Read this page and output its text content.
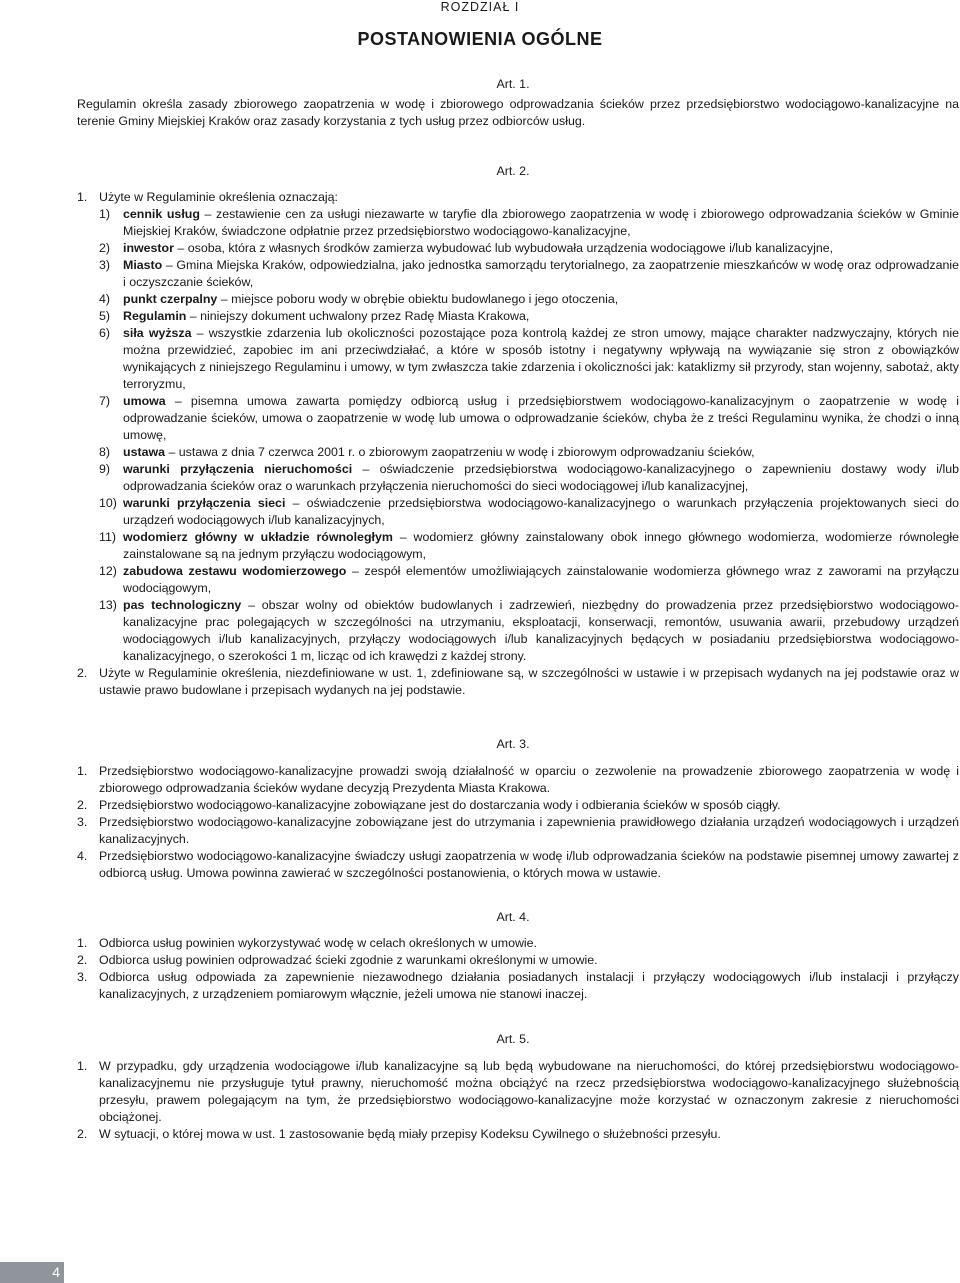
ROZDZIAŁ I
POSTANOWIENIA OGÓLNE
Art. 1.
Regulamin określa zasady zbiorowego zaopatrzenia w wodę i zbiorowego odprowadzania ścieków przez przedsiębiorstwo wodociągowo-kanalizacyjne na terenie Gminy Miejskiej Kraków oraz zasady korzystania z tych usług przez odbiorców usług.
Art. 2.
1. Użyte w Regulaminie określenia oznaczają:
1) cennik usług – zestawienie cen za usługi niezawarte w taryfie dla zbiorowego zaopatrzenia w wodę i zbiorowego odprowadzania ścieków w Gminie Miejskiej Kraków, świadczone odpłatnie przez przedsiębiorstwo wodociągowo-kanalizacyjne,
2) inwestor – osoba, która z własnych środków zamierza wybudować lub wybudowała urządzenia wodociągowe i/lub kanalizacyjne,
3) Miasto – Gmina Miejska Kraków, odpowiedzialna, jako jednostka samorządu terytorialnego, za zaopatrzenie mieszkańców w wodę oraz odprowadzanie i oczyszczanie ścieków,
4) punkt czerpalny – miejsce poboru wody w obrębie obiektu budowlanego i jego otoczenia,
5) Regulamin – niniejszy dokument uchwalony przez Radę Miasta Krakowa,
6) siła wyższa – wszystkie zdarzenia lub okoliczności pozostające poza kontrolą każdej ze stron umowy, mające charakter nadzwyczajny, których nie można przewidzieć, zapobiec im ani przeciwdziałać, a które w sposób istotny i negatywny wpływają na wywiązanie się stron z obowiązków wynikających z niniejszego Regulaminu i umowy, w tym zwłaszcza takie zdarzenia i okoliczności jak: kataklizmy sił przyrody, stan wojenny, sabotaż, akty terroryzmu,
7) umowa – pisemna umowa zawarta pomiędzy odbiorcą usług i przedsiębiorstwem wodociągowo-kanalizacyjnym o zaopatrzenie w wodę i odprowadzanie ścieków, umowa o zaopatrzenie w wodę lub umowa o odprowadzanie ścieków, chyba że z treści Regulaminu wynika, że chodzi o inną umowę,
8) ustawa – ustawa z dnia 7 czerwca 2001 r. o zbiorowym zaopatrzeniu w wodę i zbiorowym odprowadzaniu ścieków,
9) warunki przyłączenia nieruchomości – oświadczenie przedsiębiorstwa wodociągowo-kanalizacyjnego o zapewnieniu dostawy wody i/lub odprowadzania ścieków oraz o warunkach przyłączenia nieruchomości do sieci wodociągowej i/lub kanalizacyjnej,
10) warunki przyłączenia sieci – oświadczenie przedsiębiorstwa wodociągowo-kanalizacyjnego o warunkach przyłączenia projektowanych sieci do urządzeń wodociągowych i/lub kanalizacyjnych,
11) wodomierz główny w układzie równoległym – wodomierz główny zainstalowany obok innego głównego wodomierza, wodomierze równoległe zainstalowane są na jednym przyłączu wodociągowym,
12) zabudowa zestawu wodomierzowego – zespół elementów umożliwiających zainstalowanie wodomierza głównego wraz z zaworami na przyłączu wodociągowym,
13) pas technologiczny – obszar wolny od obiektów budowlanych i zadrzewień, niezbędny do prowadzenia przez przedsiębiorstwo wodociągowo-kanalizacyjne prac polegających w szczególności na utrzymaniu, eksploatacji, konserwacji, remontów, usuwania awarii, przebudowy urządzeń wodociągowych i/lub kanalizacyjnych, przyłączy wodociągowych i/lub kanalizacyjnych będących w posiadaniu przedsiębiorstwa wodociągowo-kanalizacyjnego, o szerokości 1 m, licząc od ich krawędzi z każdej strony.
2. Użyte w Regulaminie określenia, niezdefiniowane w ust. 1, zdefiniowane są, w szczególności w ustawie i w przepisach wydanych na jej podstawie oraz w ustawie prawo budowlane i przepisach wydanych na jej podstawie.
Art. 3.
1. Przedsiębiorstwo wodociągowo-kanalizacyjne prowadzi swoją działalność w oparciu o zezwolenie na prowadzenie zbiorowego zaopatrzenia w wodę i zbiorowego odprowadzania ścieków wydane decyzją Prezydenta Miasta Krakowa.
2. Przedsiębiorstwo wodociągowo-kanalizacyjne zobowiązane jest do dostarczania wody i odbierania ścieków w sposób ciągły.
3. Przedsiębiorstwo wodociągowo-kanalizacyjne zobowiązane jest do utrzymania i zapewnienia prawidłowego działania urządzeń wodociągowych i urządzeń kanalizacyjnych.
4. Przedsiębiorstwo wodociągowo-kanalizacyjne świadczy usługi zaopatrzenia w wodę i/lub odprowadzania ścieków na podstawie pisemnej umowy zawartej z odbiorcą usług. Umowa powinna zawierać w szczególności postanowienia, o których mowa w ustawie.
Art. 4.
1. Odbiorca usług powinien wykorzystywać wodę w celach określonych w umowie.
2. Odbiorca usług powinien odprowadzać ścieki zgodnie z warunkami określonymi w umowie.
3. Odbiorca usług odpowiada za zapewnienie niezawodnego działania posiadanych instalacji i przyłączy wodociągowych i/lub instalacji i przyłączy kanalizacyjnych, z urządzeniem pomiarowym włącznie, jeżeli umowa nie stanowi inaczej.
Art. 5.
1. W przypadku, gdy urządzenia wodociągowe i/lub kanalizacyjne są lub będą wybudowane na nieruchomości, do której przedsiębiorstwu wodociągowo-kanalizacyjnemu nie przysługuje tytuł prawny, nieruchomość można obciążyć na rzecz przedsiębiorstwa wodociągowo-kanalizacyjnego służebnością przesyłu, prawem polegającym na tym, że przedsiębiorstwo wodociągowo-kanalizacyjne może korzystać w oznaczonym zakresie z nieruchomości obciążonej.
2. W sytuacji, o której mowa w ust. 1 zastosowanie będą miały przepisy Kodeksu Cywilnego o służebności przesyłu.
4
